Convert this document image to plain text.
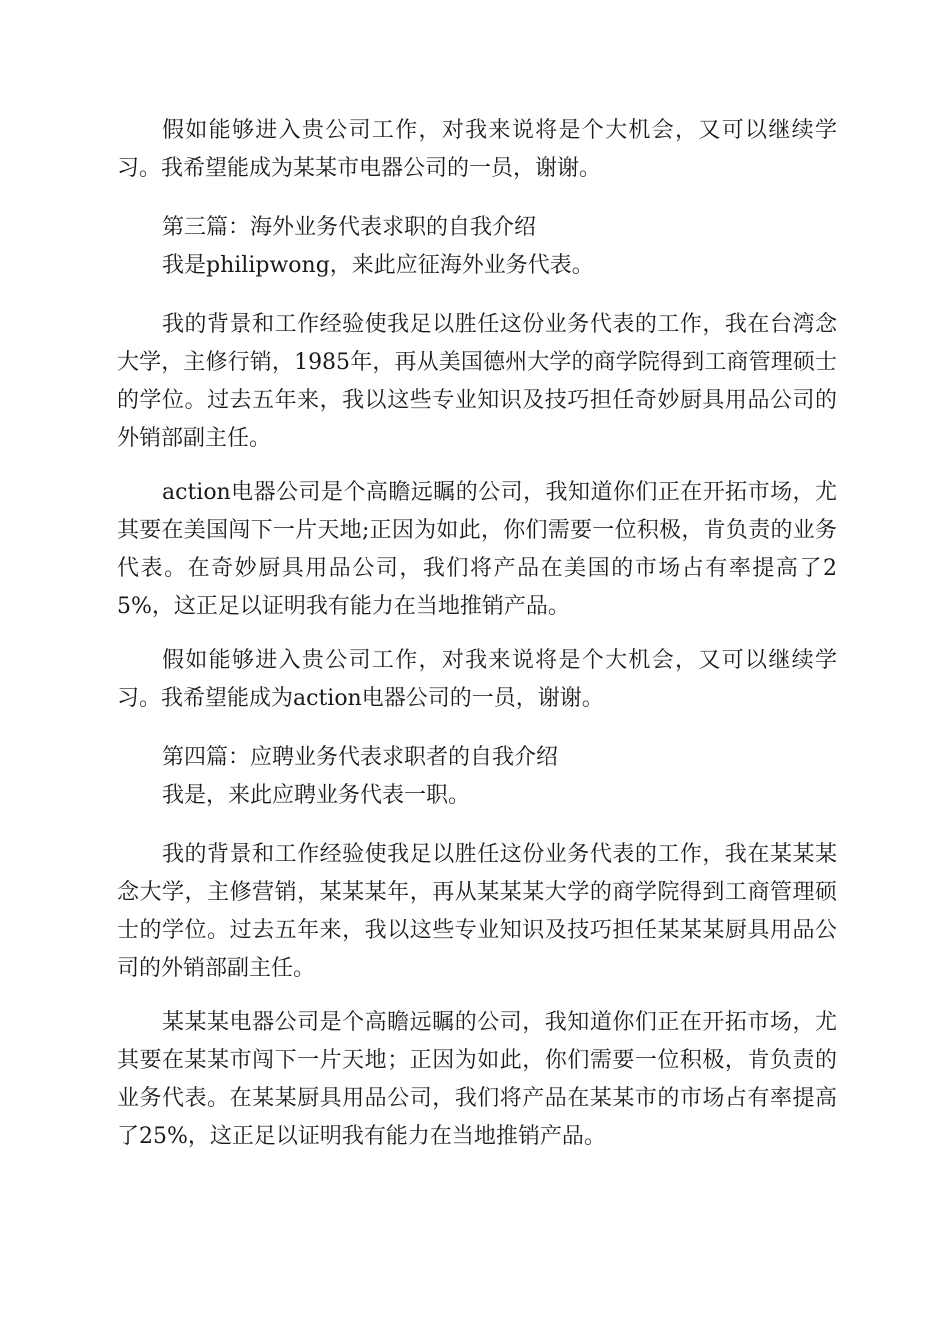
假如能够进入贵公司工作，对我来说将是个大机会，又可以继续学习。我希望能成为某某市电器公司的一员，谢谢。

第三篇：海外业务代表求职的自我介绍

我是philipwong，来此应征海外业务代表。

我的背景和工作经验使我足以胜任这份业务代表的工作，我在台湾念大学，主修行销，1985年，再从美国德州大学的商学院得到工商管理硕士的学位。过去五年来，我以这些专业知识及技巧担任奇妙厨具用品公司的外销部副主任。

action电器公司是个高瞻远瞩的公司，我知道你们正在开拓市场，尤其要在美国闯下一片天地;正因为如此，你们需要一位积极，肯负责的业务代表。在奇妙厨具用品公司，我们将产品在美国的市场占有率提高了25%，这正足以证明我有能力在当地推销产品。

假如能够进入贵公司工作，对我来说将是个大机会，又可以继续学习。我希望能成为action电器公司的一员，谢谢。

第四篇：应聘业务代表求职者的自我介绍

我是，来此应聘业务代表一职。

我的背景和工作经验使我足以胜任这份业务代表的工作，我在某某某念大学，主修营销，某某某年，再从某某某大学的商学院得到工商管理硕士的学位。过去五年来，我以这些专业知识及技巧担任某某某厨具用品公司的外销部副主任。

某某某电器公司是个高瞻远瞩的公司，我知道你们正在开拓市场，尤其要在某某市闯下一片天地；正因为如此，你们需要一位积极，肯负责的业务代表。在某某厨具用品公司，我们将产品在某某市的市场占有率提高了25%，这正足以证明我有能力在当地推销产品。
